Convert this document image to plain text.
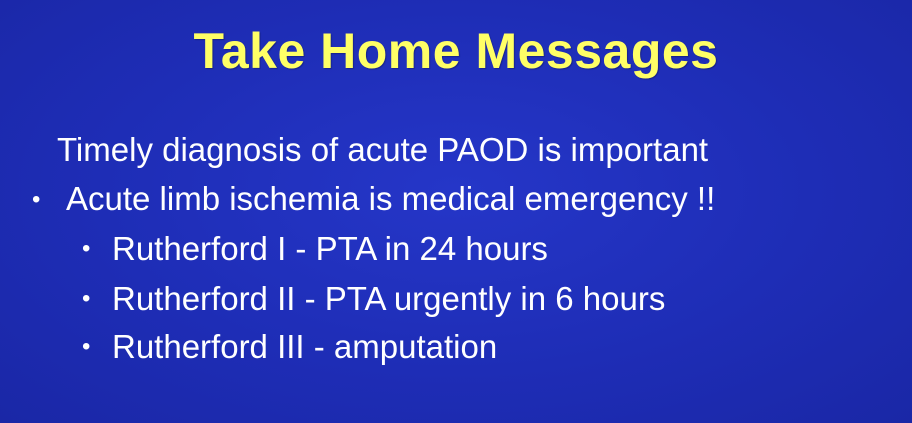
Take Home Messages
Timely diagnosis of acute PAOD is important
• Acute limb ischemia is medical emergency !!
• Rutherford I - PTA in 24 hours
• Rutherford II - PTA urgently in 6 hours
• Rutherford III - amputation
